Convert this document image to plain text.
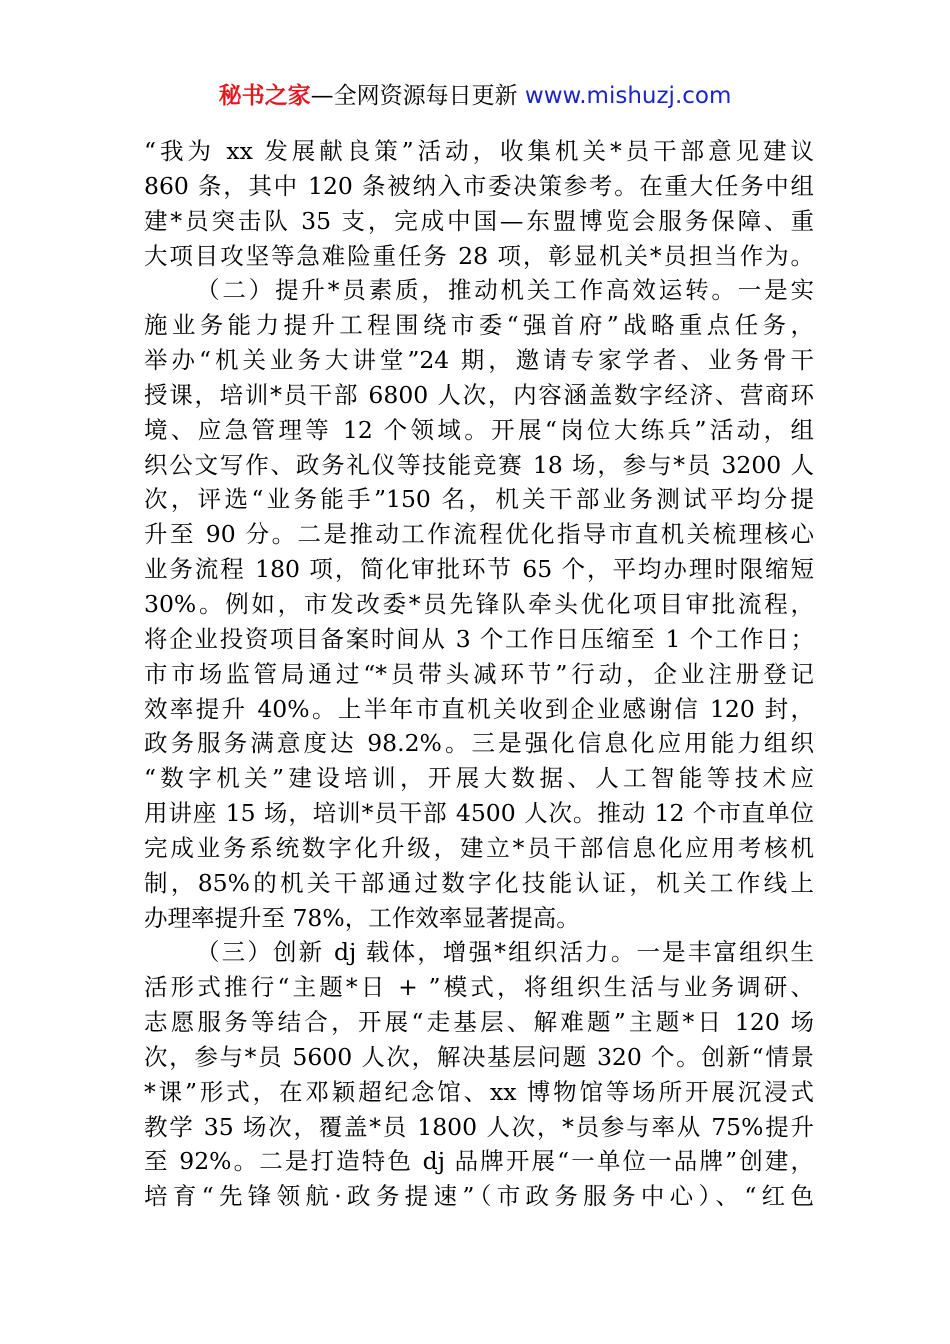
秘书之家—全网资源每日更新 www.mishuzj.com
“我为 xx 发展献良策”活动，收集机关*员干部意见建议
860 条，其中 120 条被纳入市委决策参考。在重大任务中组
建*员突击队 35 支，完成中国—东盟博览会服务保障、重
大项目攻坚等急难险重任务 28 项，彰显机关*员担当作为。
（二）提升*员素质，推动机关工作高效运转。一是实
施业务能力提升工程围绕市委“强首府”战略重点任务，
举办“机关业务大讲堂”24 期，邀请专家学者、业务骨干
授课，培训*员干部 6800 人次，内容涵盖数字经济、营商环
境、应急管理等 12 个领域。开展“岗位大练兵”活动，组
织公文写作、政务礼仪等技能竞赛 18 场，参与*员 3200 人
次，评选“业务能手”150 名，机关干部业务测试平均分提
升至 90 分。二是推动工作流程优化指导市直机关梳理核心
业务流程 180 项，简化审批环节 65 个，平均办理时限缩短
30%。例如，市发改委*员先锋队牵头优化项目审批流程，
将企业投资项目备案时间从 3 个工作日压缩至 1 个工作日；
市市场监管局通过“*员带头减环节”行动，企业注册登记
效率提升 40%。上半年市直机关收到企业感谢信 120 封，
政务服务满意度达 98.2%。三是强化信息化应用能力组织
“数字机关”建设培训，开展大数据、人工智能等技术应
用讲座 15 场，培训*员干部 4500 人次。推动 12 个市直单位
完成业务系统数字化升级，建立*员干部信息化应用考核机
制，85%的机关干部通过数字化技能认证，机关工作线上
办理率提升至 78%，工作效率显著提高。
（三）创新 dj 载体，增强*组织活力。一是丰富组织生
活形式推行“主题*日 + ”模式，将组织生活与业务调研、
志愿服务等结合，开展“走基层、解难题”主题*日 120 场
次，参与*员 5600 人次，解决基层问题 320 个。创新“情景
*课”形式，在邓颖超纪念馆、xx 博物馆等场所开展沉浸式
教学 35 场次，覆盖*员 1800 人次，*员参与率从 75%提升
至 92%。二是打造特色 dj 品牌开展“一单位一品牌”创建，
培育“先锋领航·政务提速”（市政务服务中心）、“红色
